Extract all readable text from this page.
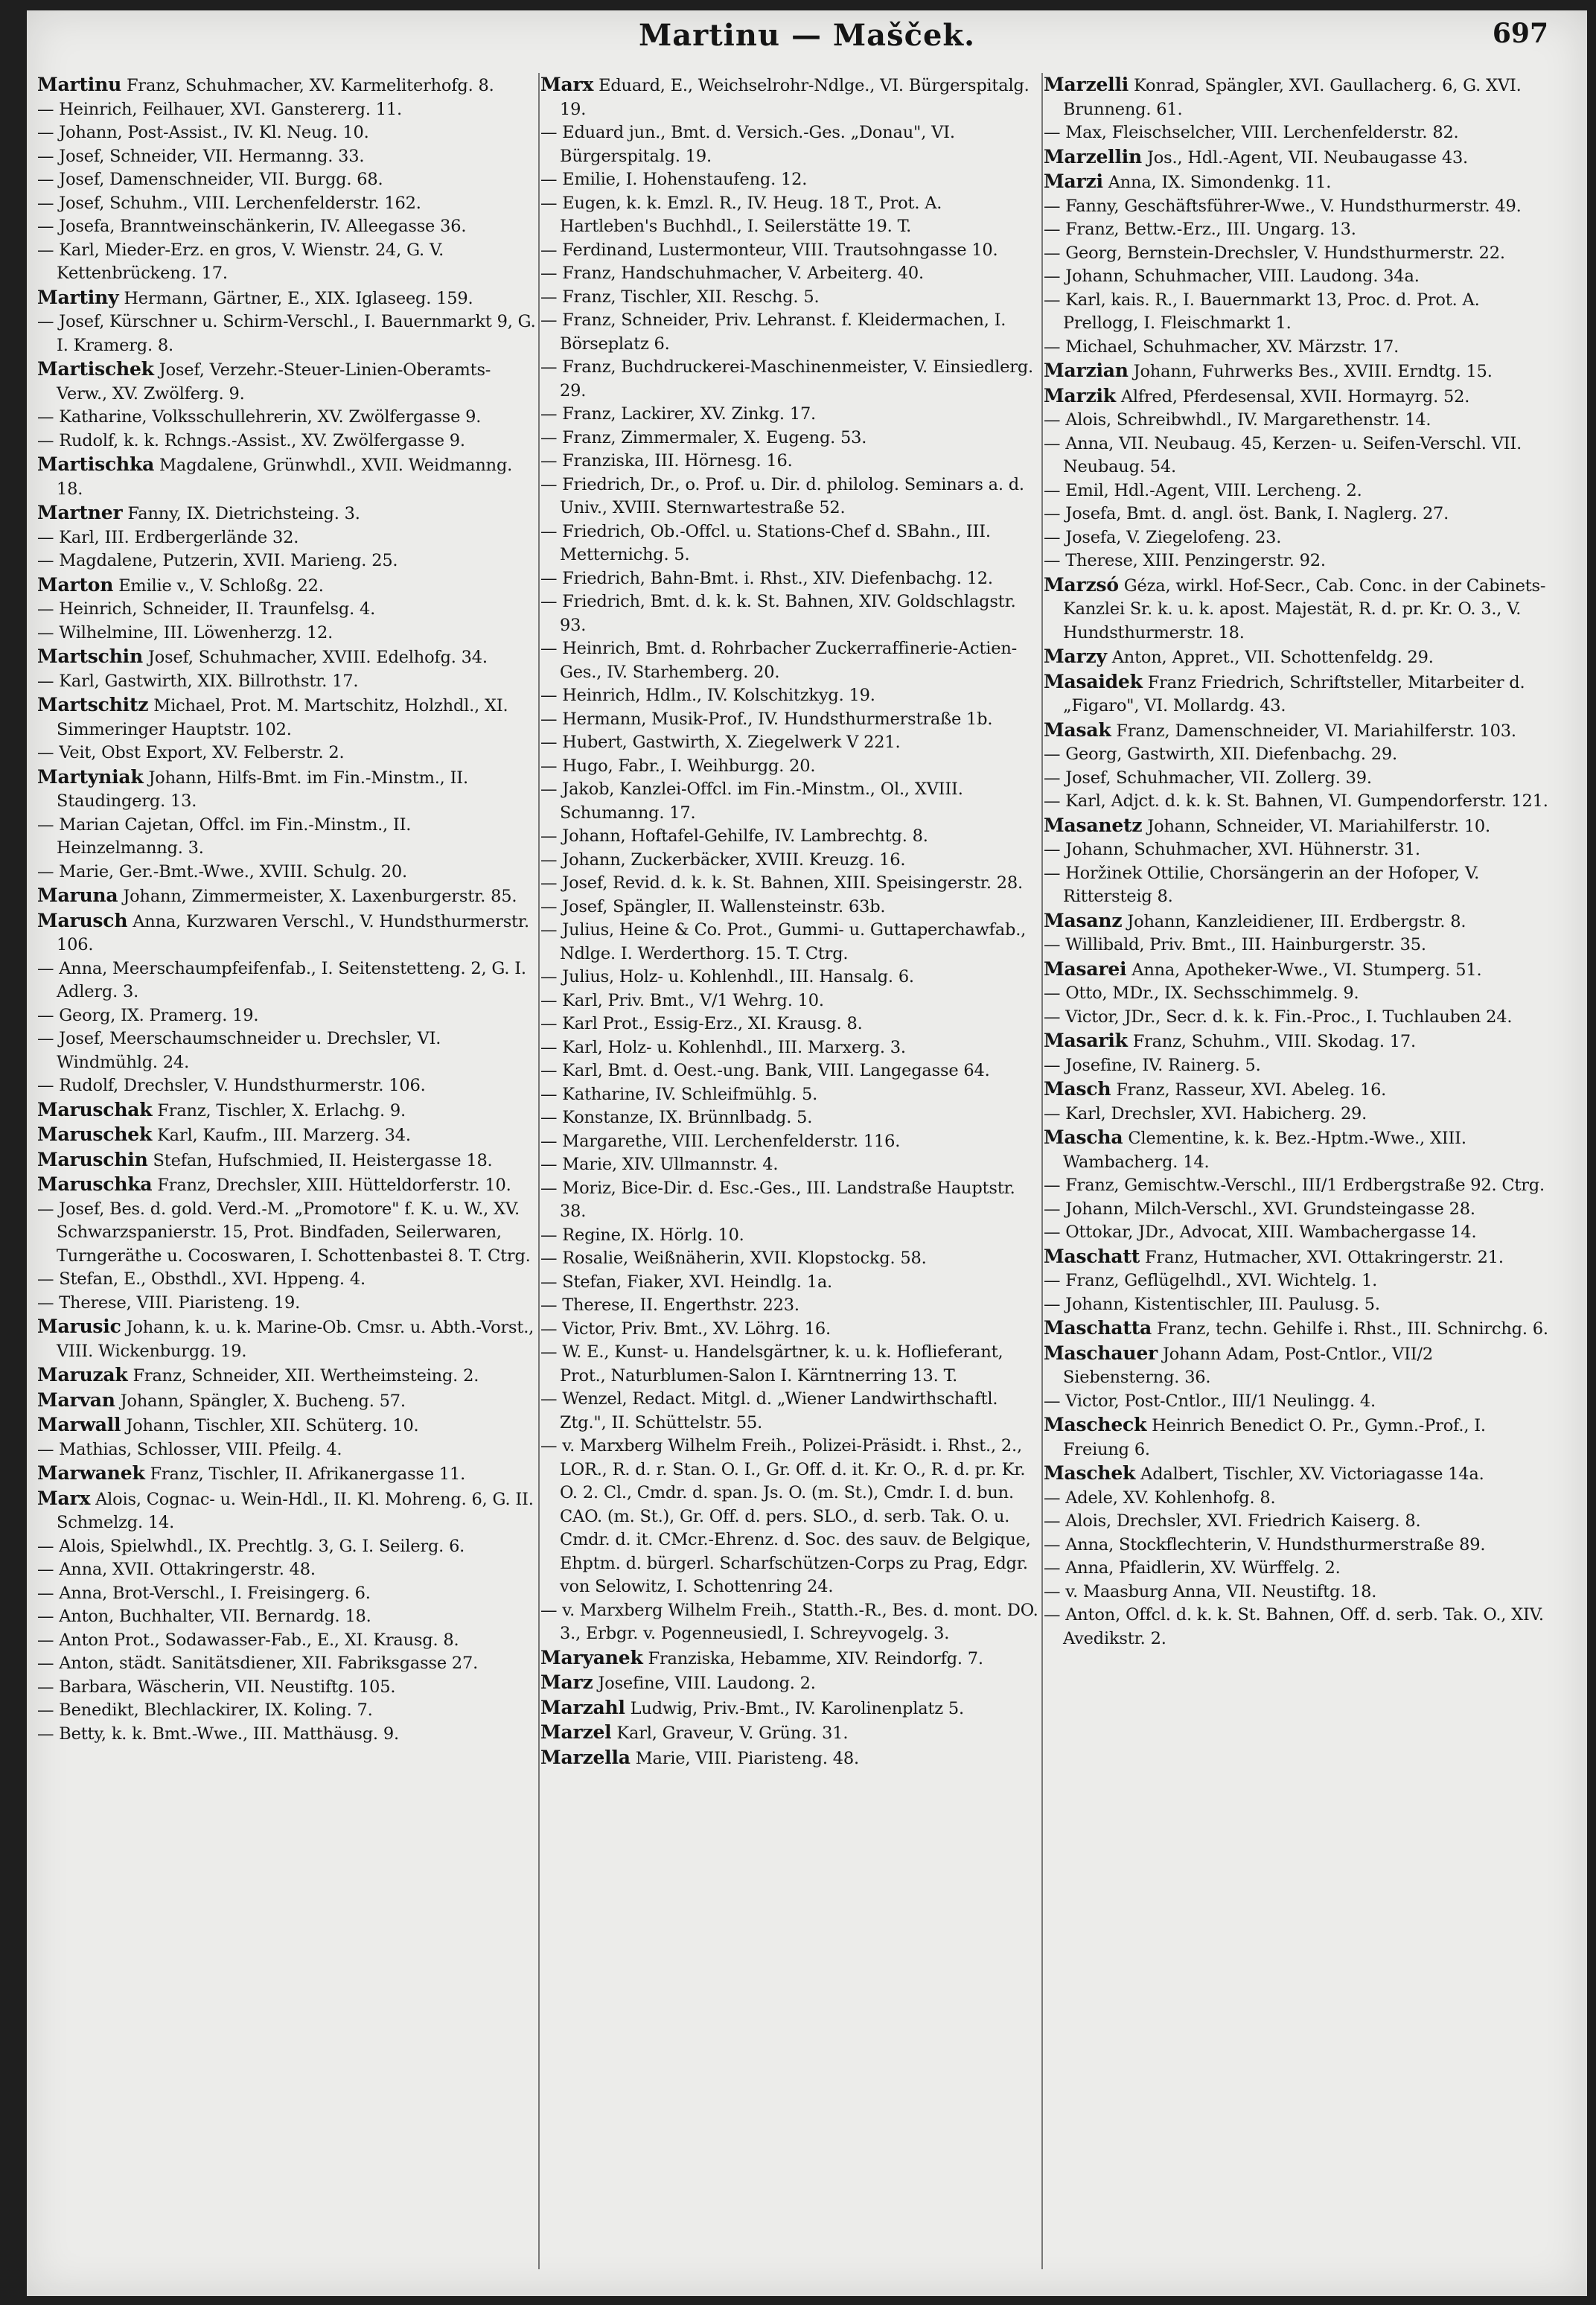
Martinu — Mašček.	697

Martinu Franz, Schuhmacher, XV. Karmeliterhofg. 8.

— Heinrich, Feilhauer, XVI. Ganstererg. 11.

— Johann, Post-Assist., IV. Kl. Neug. 10.

— Josef, Schneider, VII. Hermanng. 33.

— Josef, Damenschneider, VII. Burgg. 68.

— Josef, Schuhm., VIII. Lerchenfelderstr. 162.

— Josefa, Branntweinschänkerin, IV. Alleegasse 36.

— Karl, Mieder-Erz. en gros, V. Wienstr. 24, G. V. Kettenbrückeng. 17.

Martiny Hermann, Gärtner, E., XIX. Iglaseeg. 159.

— Josef, Kürschner u. Schirm-Verschl., I. Bauernmarkt 9, G. I. Kramerg. 8.

Martischek Josef, Verzehr.-Steuer-Linien-Oberamts-Verw., XV. Zwölferg. 9.

— Katharine, Volksschullehrerin, XV. Zwölfergasse 9.

— Rudolf, k. k. Rchngs.-Assist., XV. Zwölfergasse 9.

Martischka Magdalene, Grünwhdl., XVII. Weidmanng. 18.

Martner Fanny, IX. Dietrichsteing. 3.

— Karl, III. Erdbergerlände 32.

— Magdalene, Putzerin, XVII. Marieng. 25.

Marton Emilie v., V. Schloßg. 22.

— Heinrich, Schneider, II. Traunfelsg. 4.

— Wilhelmine, III. Löwenherzg. 12.

Martschin Josef, Schuhmacher, XVIII. Edelhofg. 34.

— Karl, Gastwirth, XIX. Billrothstr. 17.

Martschitz Michael, Prot. M. Martschitz, Holzhdl., XI. Simmeringer Hauptstr. 102.

— Veit, Obst Export, XV. Felberstr. 2.

Martyniak Johann, Hilfs-Bmt. im Fin.-Minstm., II. Staudingerg. 13.

— Marian Cajetan, Offcl. im Fin.-Minstm., II. Heinzelmanng. 3.

— Marie, Ger.-Bmt.-Wwe., XVIII. Schulg. 20.

Maruna Johann, Zimmermeister, X. Laxenburgerstr. 85.

Marusch Anna, Kurzwaren Verschl., V. Hundsthurmerstr. 106.

— Anna, Meerschaumpfeifenfab., I. Seitenstetteng. 2, G. I. Adlerg. 3.

— Georg, IX. Pramerg. 19.

— Josef, Meerschaumschneider u. Drechsler, VI. Windmühlg. 24.

— Rudolf, Drechsler, V. Hundsthurmerstr. 106.

Maruschak Franz, Tischler, X. Erlachg. 9.

Maruschek Karl, Kaufm., III. Marzerg. 34.

Maruschin Stefan, Hufschmied, II. Heistergasse 18.

Maruschka Franz, Drechsler, XIII. Hütteldorferstr. 10.

— Josef, Bes. d. gold. Verd.-M. „Promotore" f. K. u. W., XV. Schwarzspanierstr. 15, Prot. Bindfaden, Seilerwaren, Turngeräthe u. Cocoswaren, I. Schottenbastei 8. T. Ctrg.

— Stefan, E., Obsthdl., XVI. Hppeng. 4.

— Therese, VIII. Piaristeng. 19.

Marusic Johann, k. u. k. Marine-Ob. Cmsr. u. Abth.-Vorst., VIII. Wickenburgg. 19.

Maruzak Franz, Schneider, XII. Wertheimsteing. 2.

Marvan Johann, Spängler, X. Bucheng. 57.

Marwall Johann, Tischler, XII. Schüterg. 10.

— Mathias, Schlosser, VIII. Pfeilg. 4.

Marwanek Franz, Tischler, II. Afrikanergasse 11.

Marx Alois, Cognac- u. Wein-Hdl., II. Kl. Mohreng. 6, G. II. Schmelzg. 14.

— Alois, Spielwhdl., IX. Prechtlg. 3, G. I. Seilerg. 6.

— Anna, XVII. Ottakringerstr. 48.

— Anna, Brot-Verschl., I. Freisingerg. 6.

— Anton, Buchhalter, VII. Bernardg. 18.

— Anton Prot., Sodawasser-Fab., E., XI. Krausg. 8.

— Anton, städt. Sanitätsdiener, XII. Fabriksgasse 27.

— Barbara, Wäscherin, VII. Neustiftg. 105.

— Benedikt, Blechlackirer, IX. Koling. 7.

— Betty, k. k. Bmt.-Wwe., III. Matthäusg. 9.

Marx Eduard, E., Weichselrohr-Ndlge., VI. Bürgerspitalg. 19.

— Eduard jun., Bmt. d. Versich.-Ges. „Donau", VI. Bürgerspitalg. 19.

— Emilie, I. Hohenstaufeng. 12.

— Eugen, k. k. Emzl. R., IV. Heug. 18 T., Prot. A. Hartleben's Buchhdl., I. Seilerstätte 19. T.

— Ferdinand, Lustermonteur, VIII. Trautsohngasse 10.

— Franz, Handschuhmacher, V. Arbeiterg. 40.

— Franz, Tischler, XII. Reschg. 5.

— Franz, Schneider, Priv. Lehranst. f. Kleidermachen, I. Börseplatz 6.

— Franz, Buchdruckerei-Maschinenmeister, V. Einsiedlerg. 29.

— Franz, Lackirer, XV. Zinkg. 17.

— Franz, Zimmermaler, X. Eugeng. 53.

— Franziska, III. Hörnesg. 16.

— Friedrich, Dr., o. Prof. u. Dir. d. philolog. Seminars a. d. Univ., XVIII. Sternwartestraße 52.

— Friedrich, Ob.-Offcl. u. Stations-Chef d. SBahn., III. Metternichg. 5.

— Friedrich, Bahn-Bmt. i. Rhst., XIV. Diefenbachg. 12.

— Friedrich, Bmt. d. k. k. St. Bahnen, XIV. Goldschlagstr. 93.

— Heinrich, Bmt. d. Rohrbacher Zuckerraffinerie-Actien-Ges., IV. Starhemberg. 20.

— Heinrich, Hdlm., IV. Kolschitzkyg. 19.

— Hermann, Musik-Prof., IV. Hundsthurmerstraße 1b.

— Hubert, Gastwirth, X. Ziegelwerk V 221.

— Hugo, Fabr., I. Weihburgg. 20.

— Jakob, Kanzlei-Offcl. im Fin.-Minstm., Ol., XVIII. Schumanng. 17.

— Johann, Hoftafel-Gehilfe, IV. Lambrechtg. 8.

— Johann, Zuckerbäcker, XVIII. Kreuzg. 16.

— Josef, Revid. d. k. k. St. Bahnen, XIII. Speisingerstr. 28.

— Josef, Spängler, II. Wallensteinstr. 63b.

— Julius, Heine & Co. Prot., Gummi- u. Guttaperchawfab., Ndlge. I. Werderthorg. 15. T. Ctrg.

— Julius, Holz- u. Kohlenhdl., III. Hansalg. 6.

— Karl, Priv. Bmt., V/1 Wehrg. 10.

— Karl Prot., Essig-Erz., XI. Krausg. 8.

— Karl, Holz- u. Kohlenhdl., III. Marxerg. 3.

— Karl, Bmt. d. Oest.-ung. Bank, VIII. Langegasse 64.

— Katharine, IV. Schleifmühlg. 5.

— Konstanze, IX. Brünnlbadg. 5.

— Margarethe, VIII. Lerchenfelderstr. 116.

— Marie, XIV. Ullmannstr. 4.

— Moriz, Bice-Dir. d. Esc.-Ges., III. Landstraße Hauptstr. 38.

— Regine, IX. Hörlg. 10.

— Rosalie, Weißnäherin, XVII. Klopstockg. 58.

— Stefan, Fiaker, XVI. Heindlg. 1a.

— Therese, II. Engerthstr. 223.

— Victor, Priv. Bmt., XV. Löhrg. 16.

— W. E., Kunst- u. Handelsgärtner, k. u. k. Hoflieferant, Prot., Naturblumen-Salon I. Kärntnerring 13. T.

— Wenzel, Redact. Mitgl. d. „Wiener Landwirthschaftl. Ztg.", II. Schüttelstr. 55.

— v. Marxberg Wilhelm Freih., Polizei-Präsidt. i. Rhst., 2., LOR., R. d. r. Stan. O. I., Gr. Off. d. it. Kr. O., R. d. pr. Kr. O. 2. Cl., Cmdr. d. span. Js. O. (m. St.), Cmdr. I. d. bun. CAO. (m. St.), Gr. Off. d. pers. SLO., d. serb. Tak. O. u. Cmdr. d. it. CMcr.-Ehrenz. d. Soc. des sauv. de Belgique, Ehptm. d. bürgerl. Scharfschützen-Corps zu Prag, Edgr. von Selowitz, I. Schottenring 24.

— v. Marxberg Wilhelm Freih., Statth.-R., Bes. d. mont. DO. 3., Erbgr. v. Pogenneusiedl, I. Schreyvogelg. 3.

Maryanek Franziska, Hebamme, XIV. Reindorfg. 7.

Marz Josefine, VIII. Laudong. 2.

Marzahl Ludwig, Priv.-Bmt., IV. Karolinenplatz 5.

Marzel Karl, Graveur, V. Grüng. 31.

Marzella Marie, VIII. Piaristeng. 48.

Marzelli Konrad, Spängler, XVI. Gaullacherg. 6, G. XVI. Brunneng. 61.

— Max, Fleischselcher, VIII. Lerchenfelderstr. 82.

Marzellin Jos., Hdl.-Agent, VII. Neubaugasse 43.

Marzi Anna, IX. Simondenkg. 11.

— Fanny, Geschäftsführer-Wwe., V. Hundsthurmerstr. 49.

— Franz, Bettw.-Erz., III. Ungarg. 13.

— Georg, Bernstein-Drechsler, V. Hundsthurmerstr. 22.

— Johann, Schuhmacher, VIII. Laudong. 34a.

— Karl, kais. R., I. Bauernmarkt 13, Proc. d. Prot. A. Prellogg, I. Fleischmarkt 1.

— Michael, Schuhmacher, XV. Märzstr. 17.

Marzian Johann, Fuhrwerks Bes., XVIII. Erndtg. 15.

Marzik Alfred, Pferdesensal, XVII. Hormayrg. 52.

— Alois, Schreibwhdl., IV. Margarethenstr. 14.

— Anna, VII. Neubaug. 45, Kerzen- u. Seifen-Verschl. VII. Neubaug. 54.

— Emil, Hdl.-Agent, VIII. Lercheng. 2.

— Josefa, Bmt. d. angl. öst. Bank, I. Naglerg. 27.

— Josefa, V. Ziegelofeng. 23.

— Therese, XIII. Penzingerstr. 92.

Marzsó Géza, wirkl. Hof-Secr., Cab. Conc. in der Cabinets-Kanzlei Sr. k. u. k. apost. Majestät, R. d. pr. Kr. O. 3., V. Hundsthurmerstr. 18.

Marzy Anton, Appret., VII. Schottenfeldg. 29.

Masaidek Franz Friedrich, Schriftsteller, Mitarbeiter d. „Figaro", VI. Mollardg. 43.

Masak Franz, Damenschneider, VI. Mariahilferstr. 103.

— Georg, Gastwirth, XII. Diefenbachg. 29.

— Josef, Schuhmacher, VII. Zollerg. 39.

— Karl, Adjct. d. k. k. St. Bahnen, VI. Gumpendorferstr. 121.

Masanetz Johann, Schneider, VI. Mariahilferstr. 10.

— Johann, Schuhmacher, XVI. Hühnerstr. 31.

— Horžinek Ottilie, Chorsängerin an der Hofoper, V. Rittersteig 8.

Masanz Johann, Kanzleidiener, III. Erdbergstr. 8.

— Willibald, Priv. Bmt., III. Hainburgerstr. 35.

Masarei Anna, Apotheker-Wwe., VI. Stumperg. 51.

— Otto, MDr., IX. Sechsschimmelg. 9.

— Victor, JDr., Secr. d. k. k. Fin.-Proc., I. Tuchlauben 24.

Masarik Franz, Schuhm., VIII. Skodag. 17.

— Josefine, IV. Rainerg. 5.

Masch Franz, Rasseur, XVI. Abeleg. 16.

— Karl, Drechsler, XVI. Habicherg. 29.

Mascha Clementine, k. k. Bez.-Hptm.-Wwe., XIII. Wambacherg. 14.

— Franz, Gemischtw.-Verschl., III/1 Erdbergstraße 92. Ctrg.

— Johann, Milch-Verschl., XVI. Grundsteingasse 28.

— Ottokar, JDr., Advocat, XIII. Wambachergasse 14.

Maschatt Franz, Hutmacher, XVI. Ottakringerstr. 21.

— Franz, Geflügelhdl., XVI. Wichtelg. 1.

— Johann, Kistentischler, III. Paulusg. 5.

Maschatta Franz, techn. Gehilfe i. Rhst., III. Schnirchg. 6.

Maschauer Johann Adam, Post-Cntlor., VII/2 Siebensterng. 36.

— Victor, Post-Cntlor., III/1 Neulingg. 4.

Mascheck Heinrich Benedict O. Pr., Gymn.-Prof., I. Freiung 6.

Maschek Adalbert, Tischler, XV. Victoriagasse 14a.

— Adele, XV. Kohlenhofg. 8.

— Alois, Drechsler, XVI. Friedrich Kaiserg. 8.

— Anna, Stockflechterin, V. Hundsthurmerstraße 89.

— Anna, Pfaidlerin, XV. Würffelg. 2.

— v. Maasburg Anna, VII. Neustiftg. 18.

— Anton, Offcl. d. k. k. St. Bahnen, Off. d. serb. Tak. O., XIV. Avedikstr. 2.
